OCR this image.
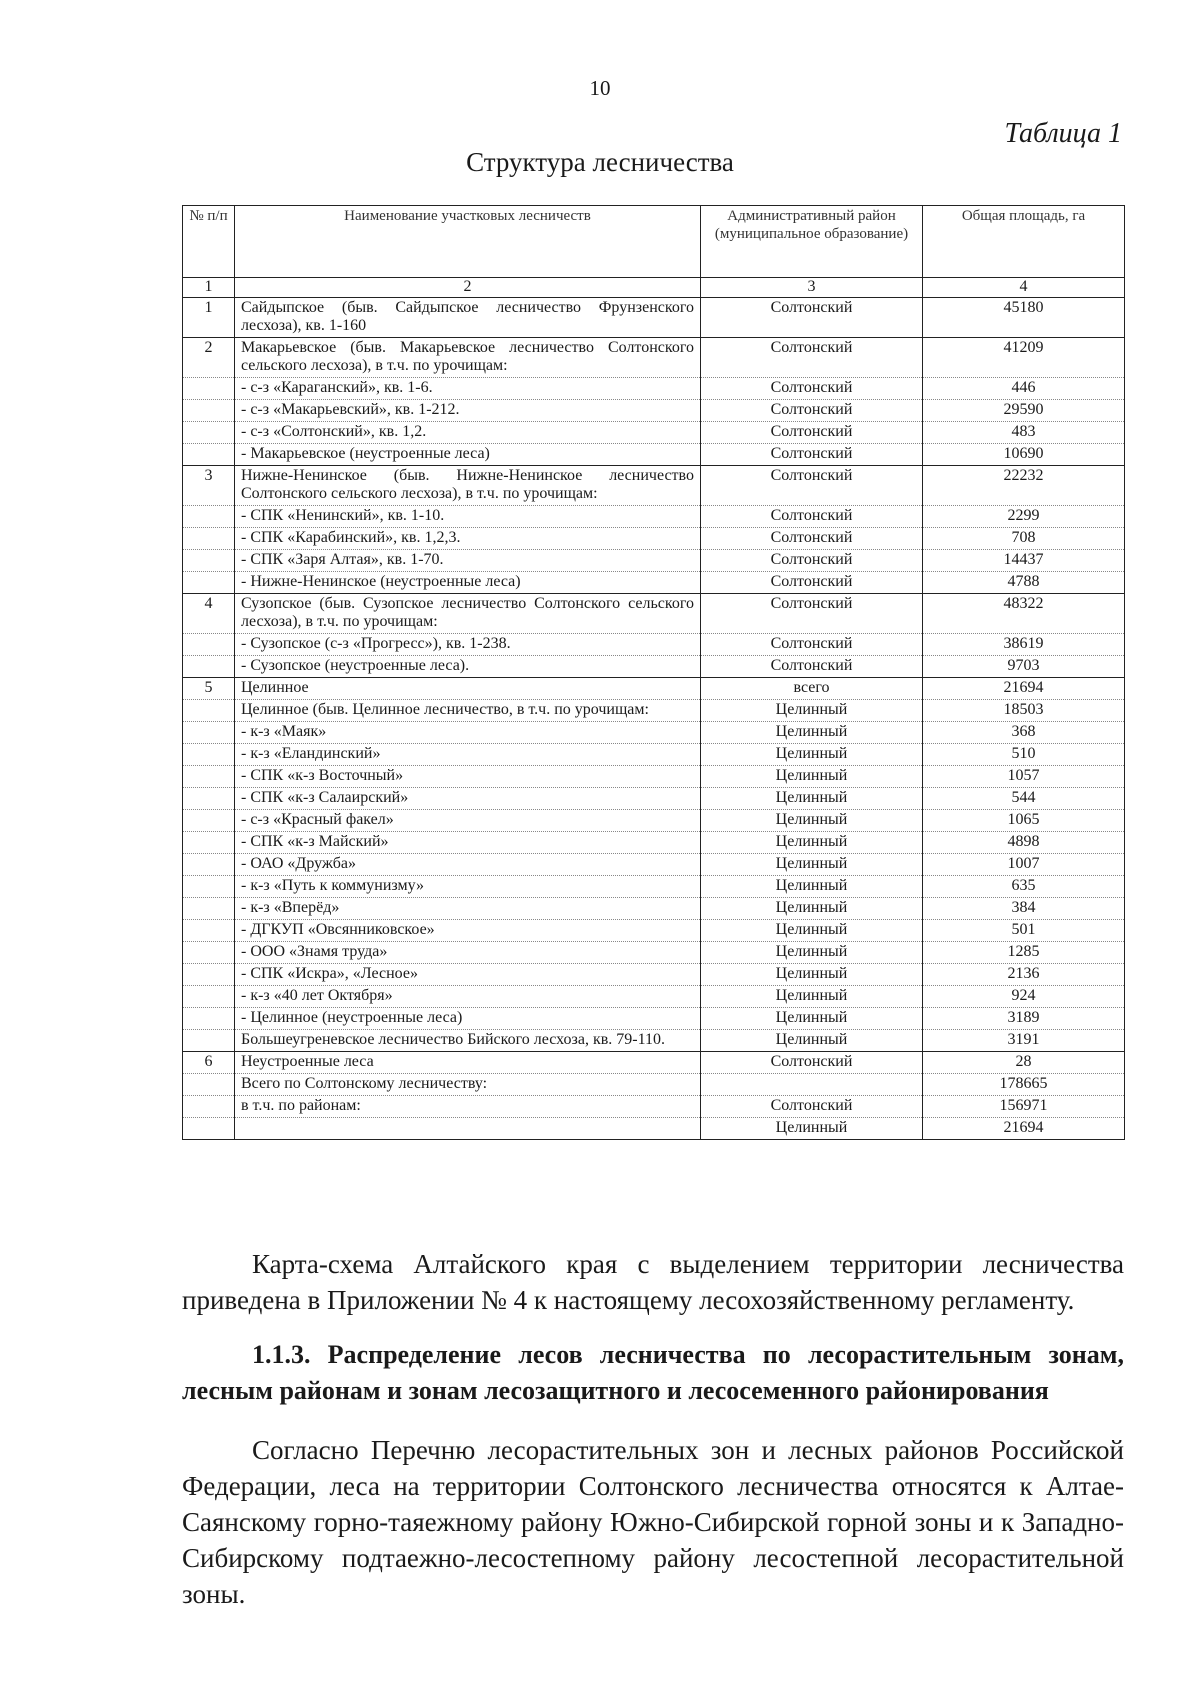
10
Таблица 1
Структура лесничества
№ п/п	Наименование участковых лесничеств	Административный район (муниципальное образование)	Общая площадь, га
1	2	3	4
1	Сайдыпское (быв. Сайдыпское лесничество Фрунзенского лесхоза), кв. 1-160	Солтонский	45180
2	Макарьевское (быв. Макарьевское лесничество Солтонского сельского лесхоза), в т.ч. по урочищам:	Солтонский	41209
	- с-з «Караганский», кв. 1-6.	Солтонский	446
	- с-з «Макарьевский», кв. 1-212.	Солтонский	29590
	- с-з «Солтонский», кв. 1,2.	Солтонский	483
	- Макарьевское (неустроенные леса)	Солтонский	10690
3	Нижне-Ненинское (быв. Нижне-Ненинское лесничество Солтонского сельского лесхоза), в т.ч. по урочищам:	Солтонский	22232
	- СПК «Ненинский», кв. 1-10.	Солтонский	2299
	- СПК «Карабинский», кв. 1,2,3.	Солтонский	708
	- СПК «Заря Алтая», кв. 1-70.	Солтонский	14437
	- Нижне-Ненинское (неустроенные леса)	Солтонский	4788
4	Сузопское (быв. Сузопское лесничество Солтонского сельского лесхоза), в т.ч. по урочищам:	Солтонский	48322
	- Сузопское (с-з «Прогресс»), кв. 1-238.	Солтонский	38619
	- Сузопское (неустроенные леса).	Солтонский	9703
5	Целинное	всего	21694
	Целинное (быв. Целинное лесничество, в т.ч. по урочищам:	Целинный	18503
	- к-з «Маяк»	Целинный	368
	- к-з «Еландинский»	Целинный	510
	- СПК «к-з Восточный»	Целинный	1057
	- СПК «к-з Салаирский»	Целинный	544
	- с-з «Красный факел»	Целинный	1065
	- СПК «к-з Майский»	Целинный	4898
	- ОАО «Дружба»	Целинный	1007
	- к-з «Путь к коммунизму»	Целинный	635
	- к-з «Вперёд»	Целинный	384
	- ДГКУП «Овсянниковское»	Целинный	501
	- ООО «Знамя труда»	Целинный	1285
	- СПК «Искра», «Лесное»	Целинный	2136
	- к-з «40 лет Октября»	Целинный	924
	- Целинное (неустроенные леса)	Целинный	3189
	Большеугреневское лесничество Бийского лесхоза, кв. 79-110.	Целинный	3191
6	Неустроенные леса	Солтонский	28
	Всего по Солтонскому лесничеству:		178665
	в т.ч. по районам:	Солтонский	156971
		Целинный	21694
Карта-схема Алтайского края с выделением территории лесничества приведена в Приложении № 4 к настоящему лесохозяйственному регламенту.
1.1.3. Распределение лесов лесничества по лесорастительным зонам, лесным районам и зонам лесозащитного и лесосеменного районирования
Согласно Перечню лесорастительных зон и лесных районов Российской Федерации, леса на территории Солтонского лесничества относятся к Алтае-Саянскому горно-таяежному району Южно-Сибирской горной зоны и к Западно-Сибирскому подтаежно-лесостепному району лесостепной лесорастительной зоны.
